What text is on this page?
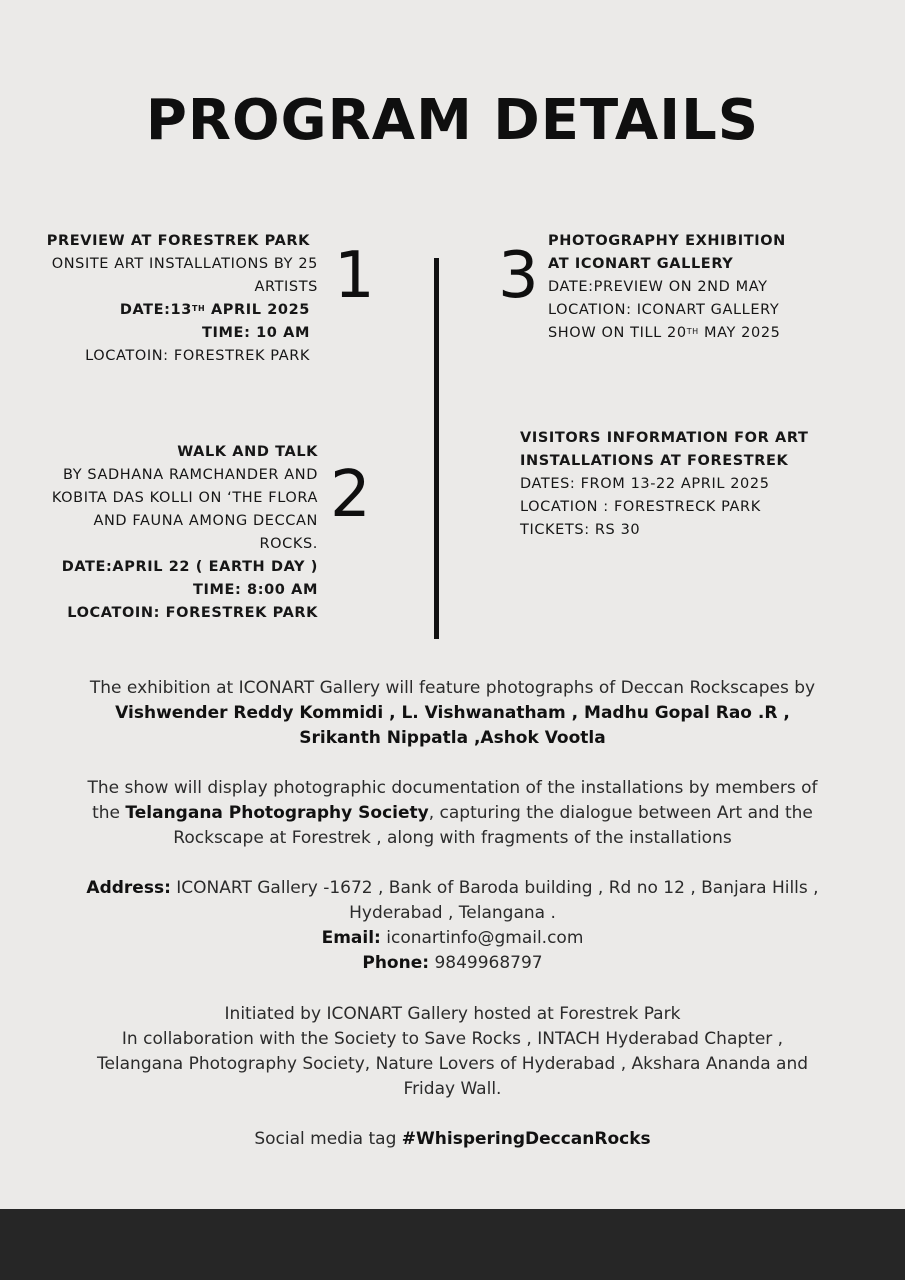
PROGRAM DETAILS
PREVIEW AT FORESTREK PARK
ONSITE ART INSTALLATIONS BY 25
ARTISTS
DATE:13TH APRIL 2025
TIME: 10 AM
LOCATOIN: FORESTREK PARK
1
WALK AND TALK
BY SADHANA RAMCHANDER AND
KOBITA DAS KOLLI ON ‘THE FLORA
AND FAUNA AMONG DECCAN
ROCKS.
DATE:APRIL 22 ( EARTH DAY )
TIME: 8:00 AM
LOCATOIN: FORESTREK PARK
2
3 PHOTOGRAPHY EXHIBITION
AT ICONART GALLERY
DATE:PREVIEW ON 2ND MAY
LOCATION: ICONART GALLERY
SHOW ON TILL 20TH MAY 2025
VISITORS INFORMATION FOR ART
INSTALLATIONS AT FORESTREK
DATES: FROM 13-22 APRIL 2025
LOCATION : FORESTRECK PARK
TICKETS: RS 30
The exhibition at ICONART Gallery will feature photographs of Deccan Rockscapes by
Vishwender Reddy Kommidi , L. Vishwanatham , Madhu Gopal Rao .R ,
Srikanth Nippatla ,Ashok Vootla
The show will display photographic documentation of the installations by members of
the Telangana Photography Society, capturing the dialogue between Art and the
Rockscape at Forestrek , along with fragments of the installations
Address: ICONART Gallery -1672 , Bank of Baroda building , Rd no 12 , Banjara Hills ,
Hyderabad , Telangana .
Email: iconartinfo@gmail.com
Phone: 9849968797
Initiated by ICONART Gallery hosted at Forestrek Park
In collaboration with the Society to Save Rocks , INTACH Hyderabad Chapter ,
Telangana Photography Society, Nature Lovers of Hyderabad , Akshara Ananda and
Friday Wall.
Social media tag #WhisperingDeccanRocks
